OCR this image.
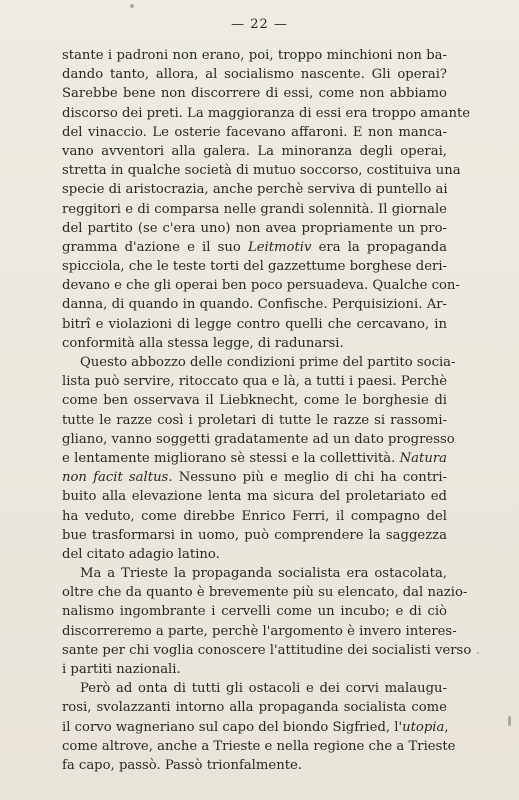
— 22 —
stante i padroni non erano, poi, troppo minchioni non ba-
dando tanto, allora, al socialismo nascente. Gli operai?
Sarebbe bene non discorrere di essi, come non abbiamo
discorso dei preti. La maggioranza di essi era troppo amante
del vinaccio. Le osterie facevano affaroni. E non manca-
vano avventori alla galera. La minoranza degli operai,
stretta in qualche società di mutuo soccorso, costituiva una
specie di aristocrazia, anche perchè serviva di puntello ai
reggitori e di comparsa nelle grandi solennità. Il giornale
del partito (se c'era uno) non avea propriamente un pro-
gramma d'azione e il suo Leitmotiv era la propaganda
spicciola, che le teste torti del gazzettume borghese deri-
devano e che gli operai ben poco persuadeva. Qualche con-
danna, di quando in quando. Confische. Perquisizioni. Ar-
bitrî e violazioni di legge contro quelli che cercavano, in
conformità alla stessa legge, di radunarsi.
Questo abbozzo delle condizioni prime del partito socia-
lista può servire, ritoccato qua e là, a tutti i paesi. Perchè
come ben osservava il Liebknecht, come le borghesie di
tutte le razze così i proletari di tutte le razze si rassomi-
gliano, vanno soggetti gradatamente ad un dato progresso
e lentamente migliorano sè stessi e la collettività. Natura
non facit saltus. Nessuno più e meglio di chi ha contri-
buito alla elevazione lenta ma sicura del proletariato ed
ha veduto, come direbbe Enrico Ferri, il compagno del
bue trasformarsi in uomo, può comprendere la saggezza
del citato adagio latino.
Ma a Trieste la propaganda socialista era ostacolata,
oltre che da quanto è brevemente più su elencato, dal nazio-
nalismo ingombrante i cervelli come un incubo; e di ciò
discorreremo a parte, perchè l'argomento è invero interes-
sante per chi voglia conoscere l'attitudine dei socialisti verso
i partiti nazionali.
Però ad onta di tutti gli ostacoli e dei corvi malaugu-
rosi, svolazzanti intorno alla propaganda socialista come
il corvo wagneriano sul capo del biondo Sigfried, l'utopia,
come altrove, anche a Trieste e nella regione che a Trieste
fa capo, passò. Passò trionfalmente.
